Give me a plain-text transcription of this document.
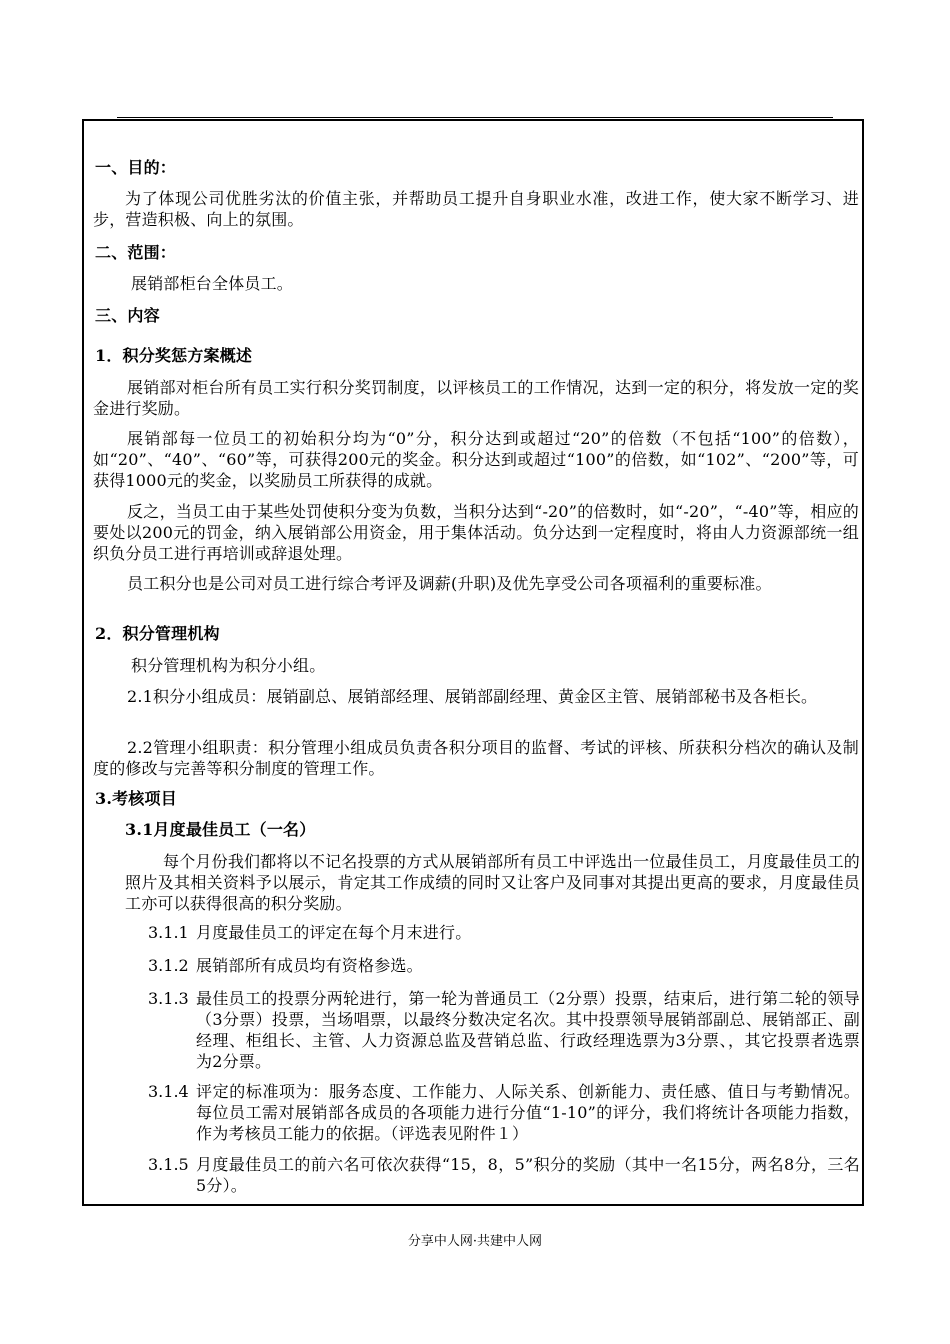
一、目的：
为了体现公司优胜劣汰的价值主张，并帮助员工提升自身职业水准，改进工作，使大家不断学习、进步，营造积极、向上的氛围。
二、范围：
展销部柜台全体员工。
三、内容
1．积分奖惩方案概述
展销部对柜台所有员工实行积分奖罚制度，以评核员工的工作情况，达到一定的积分，将发放一定的奖金进行奖励。
展销部每一位员工的初始积分均为“0”分，积分达到或超过“20”的倍数（不包括“100”的倍数），如“20”、“40”、“60”等，可获得200元的奖金。积分达到或超过“100”的倍数，如“102”、“200”等，可获得1000元的奖金，以奖励员工所获得的成就。
反之，当员工由于某些处罚使积分变为负数，当积分达到“-20”的倍数时，如“-20”，“-40”等，相应的要处以200元的罚金，纳入展销部公用资金，用于集体活动。负分达到一定程度时，将由人力资源部统一组织负分员工进行再培训或辞退处理。
员工积分也是公司对员工进行综合考评及调薪(升职)及优先享受公司各项福利的重要标准。
2．积分管理机构
积分管理机构为积分小组。
2.1积分小组成员：展销副总、展销部经理、展销部副经理、黄金区主管、展销部秘书及各柜长。
2.2管理小组职责：积分管理小组成员负责各积分项目的监督、考试的评核、所获积分档次的确认及制度的修改与完善等积分制度的管理工作。
3.考核项目
3.1月度最佳员工（一名）
每个月份我们都将以不记名投票的方式从展销部所有员工中评选出一位最佳员工，月度最佳员工的照片及其相关资料予以展示，肯定其工作成绩的同时又让客户及同事对其提出更高的要求，月度最佳员工亦可以获得很高的积分奖励。
3.1.1 月度最佳员工的评定在每个月末进行。
3.1.2 展销部所有成员均有资格参选。
3.1.3 最佳员工的投票分两轮进行，第一轮为普通员工（2分票）投票，结束后，进行第二轮的领导（3分票）投票，当场唱票，以最终分数决定名次。其中投票领导展销部副总、展销部正、副经理、柜组长、主管、人力资源总监及营销总监、行政经理选票为3分票、，其它投票者选票为2分票。
3.1.4 评定的标准项为：服务态度、工作能力、人际关系、创新能力、责任感、值日与考勤情况。每位员工需对展销部各成员的各项能力进行分值“1-10”的评分，我们将统计各项能力指数，作为考核员工能力的依据。（评选表见附件１）
3.1.5 月度最佳员工的前六名可依次获得“15，8，5”积分的奖励（其中一名15分，两名8分，三名5分）。
分享中人网·共建中人网
